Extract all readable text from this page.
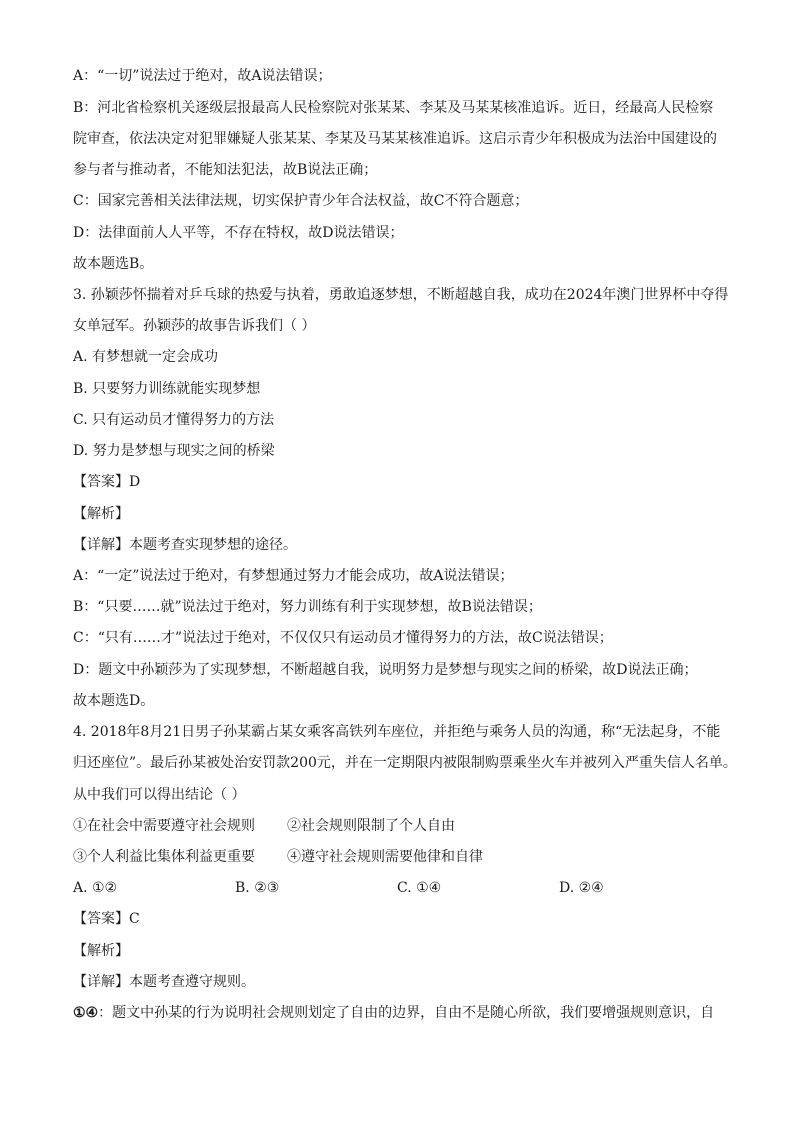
A：“一切”说法过于绝对，故A说法错误；
B：河北省检察机关逐级层报最高人民检察院对张某某、李某及马某某核准追诉。近日，经最高人民检察
院审查，依法决定对犯罪嫌疑人张某某、李某及马某某核准追诉。这启示青少年积极成为法治中国建设的
参与者与推动者，不能知法犯法，故B说法正确；
C：国家完善相关法律法规，切实保护青少年合法权益，故C不符合题意；
D：法律面前人人平等，不存在特权，故D说法错误；
故本题选B。
3. 孙颖莎怀揣着对乒乓球的热爱与执着，勇敢追逐梦想，不断超越自我，成功在2024年澳门世界杯中夺得
女单冠军。孙颖莎的故事告诉我们（ ）
A. 有梦想就一定会成功
B. 只要努力训练就能实现梦想
C. 只有运动员才懂得努力的方法
D. 努力是梦想与现实之间的桥梁
【答案】D
【解析】
【详解】本题考查实现梦想的途径。
A：“一定”说法过于绝对，有梦想通过努力才能会成功，故A说法错误；
B：“只要……就”说法过于绝对，努力训练有利于实现梦想，故B说法错误；
C：“只有……才”说法过于绝对，不仅仅只有运动员才懂得努力的方法，故C说法错误；
D：题文中孙颖莎为了实现梦想，不断超越自我，说明努力是梦想与现实之间的桥梁，故D说法正确；
故本题选D。
4. 2018年8月21日男子孙某霸占某女乘客高铁列车座位，并拒绝与乘务人员的沟通，称“无法起身，不能
归还座位”。最后孙某被处治安罚款200元，并在一定期限内被限制购票乘坐火车并被列入严重失信人名单。
从中我们可以得出结论（ ）
①在社会中需要遵守社会规则 ②社会规则限制了个人自由
③个人利益比集体利益更重要 ④遵守社会规则需要他律和自律
A. ①②	B. ②③	C. ①④	D. ②④
【答案】C
【解析】
【详解】本题考查遵守规则。
①④：题文中孙某的行为说明社会规则划定了自由的边界，自由不是随心所欲，我们要增强规则意识，自
